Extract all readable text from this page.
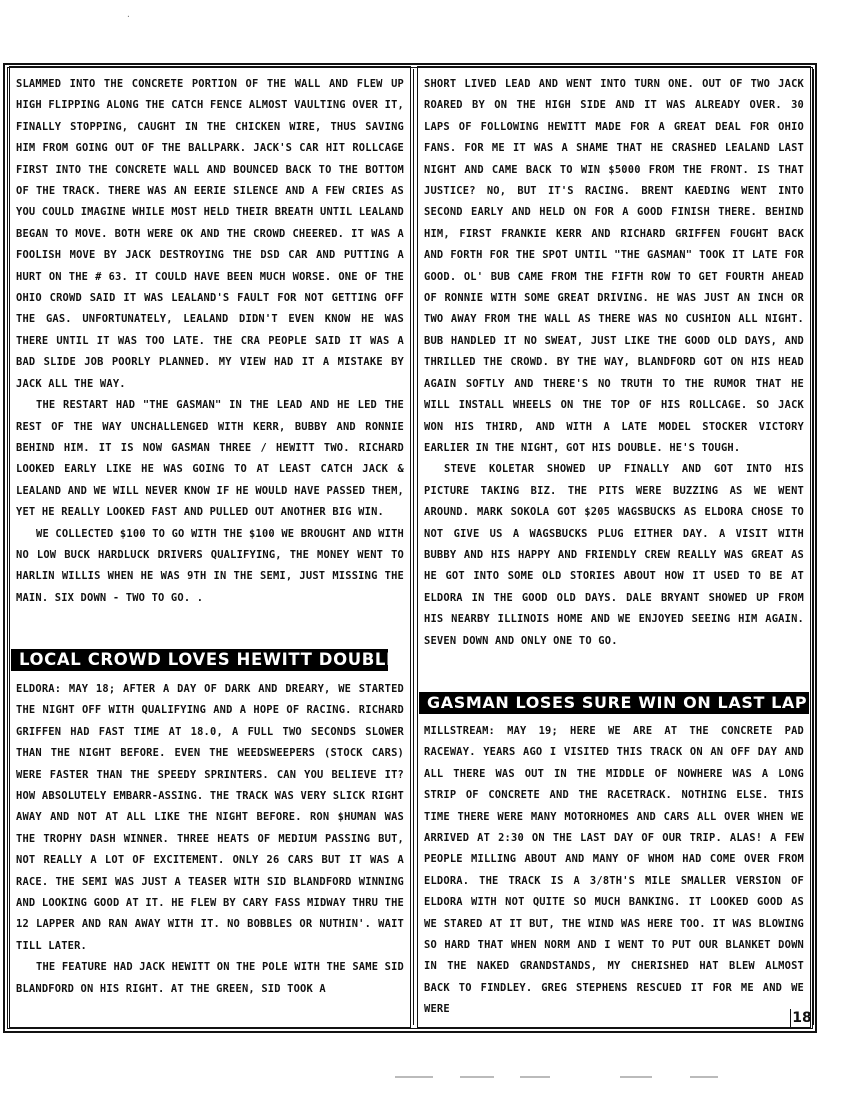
SLAMMED INTO THE CONCRETE PORTION OF THE WALL AND FLEW UP HIGH FLIPPING ALONG THE CATCH FENCE ALMOST VAULTING OVER IT, FINALLY STOPPING, CAUGHT IN THE CHICKEN WIRE, THUS SAVING HIM FROM GOING OUT OF THE BALLPARK. JACK'S CAR HIT ROLLCAGE FIRST INTO THE CONCRETE WALL AND BOUNCED BACK TO THE BOTTOM OF THE TRACK. THERE WAS AN EERIE SILENCE AND A FEW CRIES AS YOU COULD IMAGINE WHILE MOST HELD THEIR BREATH UNTIL LEALAND BEGAN TO MOVE. BOTH WERE OK AND THE CROWD CHEERED. IT WAS A FOOLISH MOVE BY JACK DESTROYING THE DSD CAR AND PUTTING A HURT ON THE # 63. IT COULD HAVE BEEN MUCH WORSE. ONE OF THE OHIO CROWD SAID IT WAS LEALAND'S FAULT FOR NOT GETTING OFF THE GAS. UNFORTUNATELY, LEALAND DIDN'T EVEN KNOW HE WAS THERE UNTIL IT WAS TOO LATE. THE CRA PEOPLE SAID IT WAS A BAD SLIDE JOB POORLY PLANNED. MY VIEW HAD IT A MISTAKE BY JACK ALL THE WAY.

THE RESTART HAD "THE GASMAN" IN THE LEAD AND HE LED THE REST OF THE WAY UNCHALLENGED WITH KERR, BUBBY AND RONNIE BEHIND HIM. IT IS NOW GASMAN THREE / HEWITT TWO. RICHARD LOOKED EARLY LIKE HE WAS GOING TO AT LEAST CATCH JACK & LEALAND AND WE WILL NEVER KNOW IF HE WOULD HAVE PASSED THEM, YET HE REALLY LOOKED FAST AND PULLED OUT ANOTHER BIG WIN.

WE COLLECTED $100 TO GO WITH THE $100 WE BROUGHT AND WITH NO LOW BUCK HARDLUCK DRIVERS QUALIFYING, THE MONEY WENT TO HARLIN WILLIS WHEN HE WAS 9TH IN THE SEMI, JUST MISSING THE MAIN. SIX DOWN - TWO TO GO. .

ELDORA: MAY 18; AFTER A DAY OF DARK AND DREARY, WE STARTED THE NIGHT OFF WITH QUALIFYING AND A HOPE OF RACING. RICHARD GRIFFEN HAD FAST TIME AT 18.0, A FULL TWO SECONDS SLOWER THAN THE NIGHT BEFORE. EVEN THE WEEDSWEEPERS (STOCK CARS) WERE FASTER THAN THE SPEEDY SPRINTERS. CAN YOU BELIEVE IT? HOW ABSOLUTELY EMBARR-ASSING. THE TRACK WAS VERY SLICK RIGHT AWAY AND NOT AT ALL LIKE THE NIGHT BEFORE. RON $HUMAN WAS THE TROPHY DASH WINNER. THREE HEATS OF MEDIUM PASSING BUT, NOT REALLY A LOT OF EXCITEMENT. ONLY 26 CARS BUT IT WAS A RACE. THE SEMI WAS JUST A TEASER WITH SID BLANDFORD WINNING AND LOOKING GOOD AT IT. HE FLEW BY CARY FASS MIDWAY THRU THE 12 LAPPER AND RAN AWAY WITH IT. NO BOBBLES OR NUTHIN'. WAIT TILL LATER.

THE FEATURE HAD JACK HEWITT ON THE POLE WITH THE SAME SID BLANDFORD ON HIS RIGHT. AT THE GREEN, SID TOOK A

LOCAL CROWD LOVES HEWITT DOUBLE

SHORT LIVED LEAD AND WENT INTO TURN ONE. OUT OF TWO JACK ROARED BY ON THE HIGH SIDE AND IT WAS ALREADY OVER. 30 LAPS OF FOLLOWING HEWITT MADE FOR A GREAT DEAL FOR OHIO FANS. FOR ME IT WAS A SHAME THAT HE CRASHED LEALAND LAST NIGHT AND CAME BACK TO WIN $5000 FROM THE FRONT. IS THAT JUSTICE? NO, BUT IT'S RACING. BRENT KAEDING WENT INTO SECOND EARLY AND HELD ON FOR A GOOD FINISH THERE. BEHIND HIM, FIRST FRANKIE KERR AND RICHARD GRIFFEN FOUGHT BACK AND FORTH FOR THE SPOT UNTIL "THE GASMAN" TOOK IT LATE FOR GOOD. OL' BUB CAME FROM THE FIFTH ROW TO GET FOURTH AHEAD OF RONNIE WITH SOME GREAT DRIVING. HE WAS JUST AN INCH OR TWO AWAY FROM THE WALL AS THERE WAS NO CUSHION ALL NIGHT. BUB HANDLED IT NO SWEAT, JUST LIKE THE GOOD OLD DAYS, AND THRILLED THE CROWD. BY THE WAY, BLANDFORD GOT ON HIS HEAD AGAIN SOFTLY AND THERE'S NO TRUTH TO THE RUMOR THAT HE WILL INSTALL WHEELS ON THE TOP OF HIS ROLLCAGE. SO JACK WON HIS THIRD, AND WITH A LATE MODEL STOCKER VICTORY EARLIER IN THE NIGHT, GOT HIS DOUBLE. HE'S TOUGH.

STEVE KOLETAR SHOWED UP FINALLY AND GOT INTO HIS PICTURE TAKING BIZ. THE PITS WERE BUZZING AS WE WENT AROUND. MARK SOKOLA GOT $205 WAGSBUCKS AS ELDORA CHOSE TO NOT GIVE US A WAGSBUCKS PLUG EITHER DAY. A VISIT WITH BUBBY AND HIS HAPPY AND FRIENDLY CREW REALLY WAS GREAT AS HE GOT INTO SOME OLD STORIES ABOUT HOW IT USED TO BE AT ELDORA IN THE GOOD OLD DAYS. DALE BRYANT SHOWED UP FROM HIS NEARBY ILLINOIS HOME AND WE ENJOYED SEEING HIM AGAIN. SEVEN DOWN AND ONLY ONE TO GO.

MILLSTREAM: MAY 19; HERE WE ARE AT THE CONCRETE PAD RACEWAY. YEARS AGO I VISITED THIS TRACK ON AN OFF DAY AND ALL THERE WAS OUT IN THE MIDDLE OF NOWHERE WAS A LONG STRIP OF CONCRETE AND THE RACETRACK. NOTHING ELSE. THIS TIME THERE WERE MANY MOTORHOMES AND CARS ALL OVER WHEN WE ARRIVED AT 2:30 ON THE LAST DAY OF OUR TRIP. ALAS! A FEW PEOPLE MILLING ABOUT AND MANY OF WHOM HAD COME OVER FROM ELDORA. THE TRACK IS A 3/8TH'S MILE SMALLER VERSION OF ELDORA WITH NOT QUITE SO MUCH BANKING. IT LOOKED GOOD AS WE STARED AT IT BUT, THE WIND WAS HERE TOO. IT WAS BLOWING SO HARD THAT WHEN NORM AND I WENT TO PUT OUR BLANKET DOWN IN THE NAKED GRANDSTANDS, MY CHERISHED HAT BLEW ALMOST BACK TO FINDLEY. GREG STEPHENS RESCUED IT FOR ME AND WE WERE

GASMAN LOSES SURE WIN ON LAST LAP
18
·
